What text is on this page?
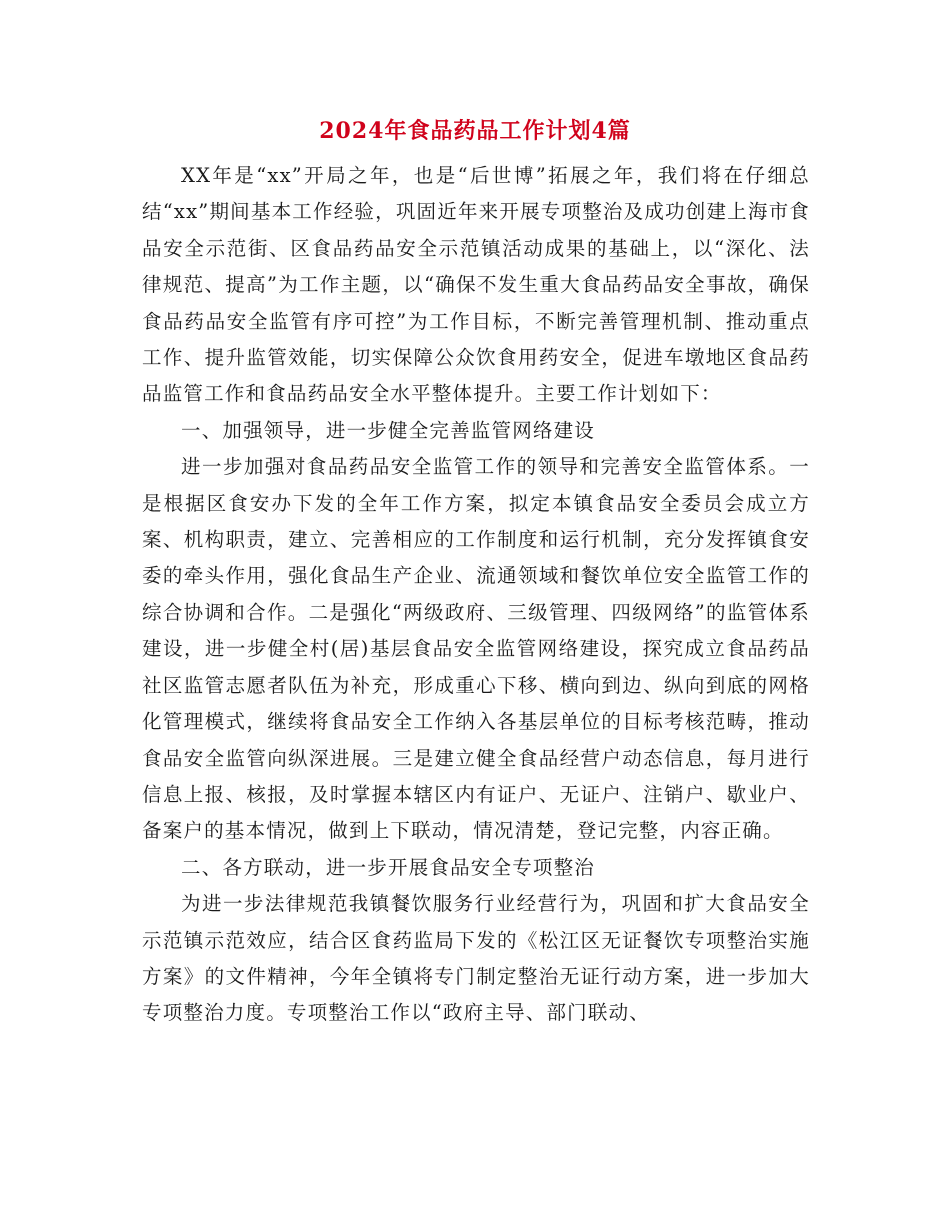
2024年食品药品工作计划4篇

XX年是“xx”开局之年，也是“后世博”拓展之年，我们将在仔细总结“xx”期间基本工作经验，巩固近年来开展专项整治及成功创建上海市食品安全示范街、区食品药品安全示范镇活动成果的基础上，以“深化、法律规范、提高”为工作主题，以“确保不发生重大食品药品安全事故，确保食品药品安全监管有序可控”为工作目标，不断完善管理机制、推动重点工作、提升监管效能，切实保障公众饮食用药安全，促进车墩地区食品药品监管工作和食品药品安全水平整体提升。主要工作计划如下：

一、加强领导，进一步健全完善监管网络建设

进一步加强对食品药品安全监管工作的领导和完善安全监管体系。一是根据区食安办下发的全年工作方案，拟定本镇食品安全委员会成立方案、机构职责，建立、完善相应的工作制度和运行机制，充分发挥镇食安委的牵头作用，强化食品生产企业、流通领域和餐饮单位安全监管工作的综合协调和合作。二是强化“两级政府、三级管理、四级网络”的监管体系建设，进一步健全村(居)基层食品安全监管网络建设，探究成立食品药品社区监管志愿者队伍为补充，形成重心下移、横向到边、纵向到底的网格化管理模式，继续将食品安全工作纳入各基层单位的目标考核范畴，推动食品安全监管向纵深进展。三是建立健全食品经营户动态信息，每月进行信息上报、核报，及时掌握本辖区内有证户、无证户、注销户、歇业户、备案户的基本情况，做到上下联动，情况清楚，登记完整，内容正确。

二、各方联动，进一步开展食品安全专项整治

为进一步法律规范我镇餐饮服务行业经营行为，巩固和扩大食品安全示范镇示范效应，结合区食药监局下发的《松江区无证餐饮专项整治实施方案》的文件精神，今年全镇将专门制定整治无证行动方案，进一步加大专项整治力度。专项整治工作以“政府主导、部门联动、
